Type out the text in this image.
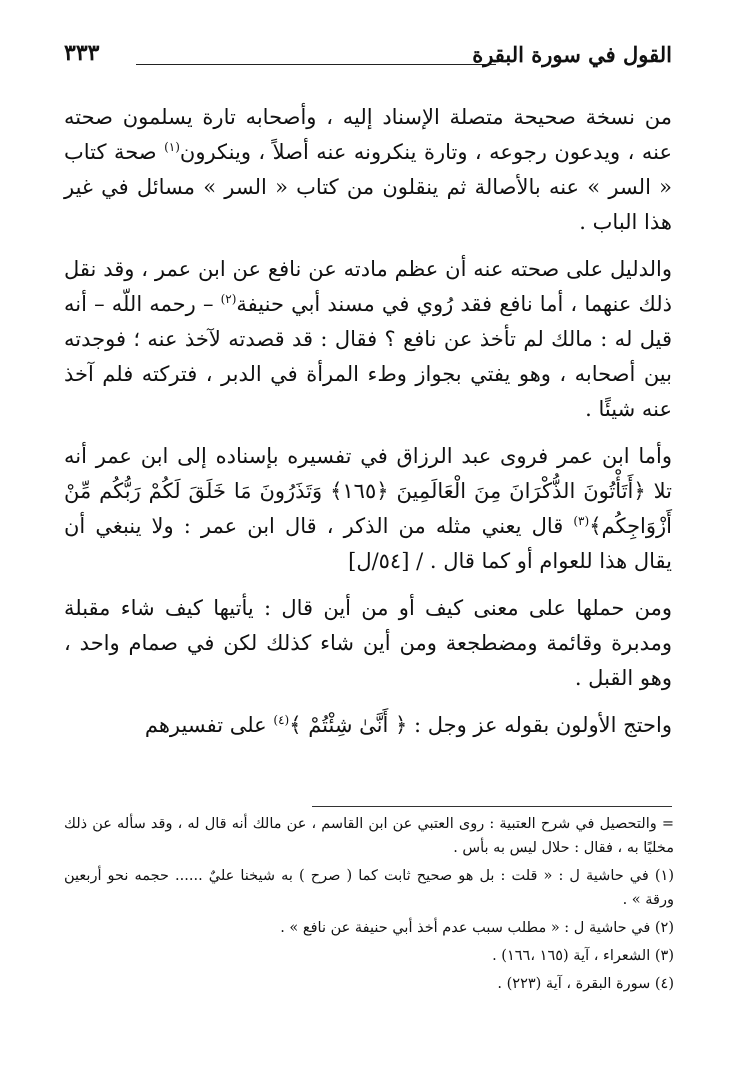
القول في سورة البقرة
٣٣٣

من نسخة صحيحة متصلة الإسناد إليه ، وأصحابه تارة يسلمون صحته عنه ، ويدعون رجوعه ، وتارة ينكرونه عنه أصلاً ، وينكرون$^{(١)}$ صحة كتاب « السر » عنه بالأصالة ثم ينقلون من كتاب « السر » مسائل في غير هذا الباب .

والدليل على صحته عنه أن عظم مادته عن نافع عن ابن عمر ، وقد نقل ذلك عنهما ، أما نافع فقد رُوي في مسند أبي حنيفة$^{(٢)}$ – رحمه اللّه – أنه قيل له : مالك لم تأخذ عن نافع ؟ فقال : قد قصدته لآخذ عنه ؛ فوجدته بين أصحابه ، وهو يفتي بجواز وطء المرأة في الدبر ، فتركته فلم آخذ عنه شيئًا .

وأما ابن عمر فروى عبد الرزاق في تفسيره بإسناده إلى ابن عمر أنه تلا ﴿أَتَأْتُونَ الذُّكْرَانَ مِنَ الْعَالَمِينَ ﴿١٦٥﴾ وَتَذَرُونَ مَا خَلَقَ لَكُمْ رَبُّكُم مِّنْ أَزْوَاجِكُم﴾$^{(٣)}$ قال يعني مثله من الذكر ، قال ابن عمر : ولا ينبغي أن يقال هذا للعوام أو كما قال . / [٥٤/ل]

ومن حملها على معنى كيف أو من أين قال : يأتيها كيف شاء مقبلة ومدبرة وقائمة ومضطجعة ومن أين شاء كذلك لكن في صمام واحد ، وهو القبل .

واحتج الأولون بقوله عز وجل : ﴿ أَنَّىٰ شِئْتُمْ ﴾$^{(٤)}$ على تفسيرهم

= والتحصيل في شرح العتبية : روى العتبي عن ابن القاسم ، عن مالك أنه قال له ، وقد سأله عن ذلك مخليًا به ، فقال : حلال ليس به بأس .

(١) في حاشية ل : « قلت : بل هو صحيح ثابت كما ( صرح ) به شيخنا عليٌ ...... حجمه نحو أربعين ورقة » .

(٢) في حاشية ل : « مطلب سبب عدم أخذ أبي حنيفة عن نافع » .

(٣) الشعراء ، آية (١٦٥ ،١٦٦) .

(٤) سورة البقرة ، آية (٢٢٣) .
